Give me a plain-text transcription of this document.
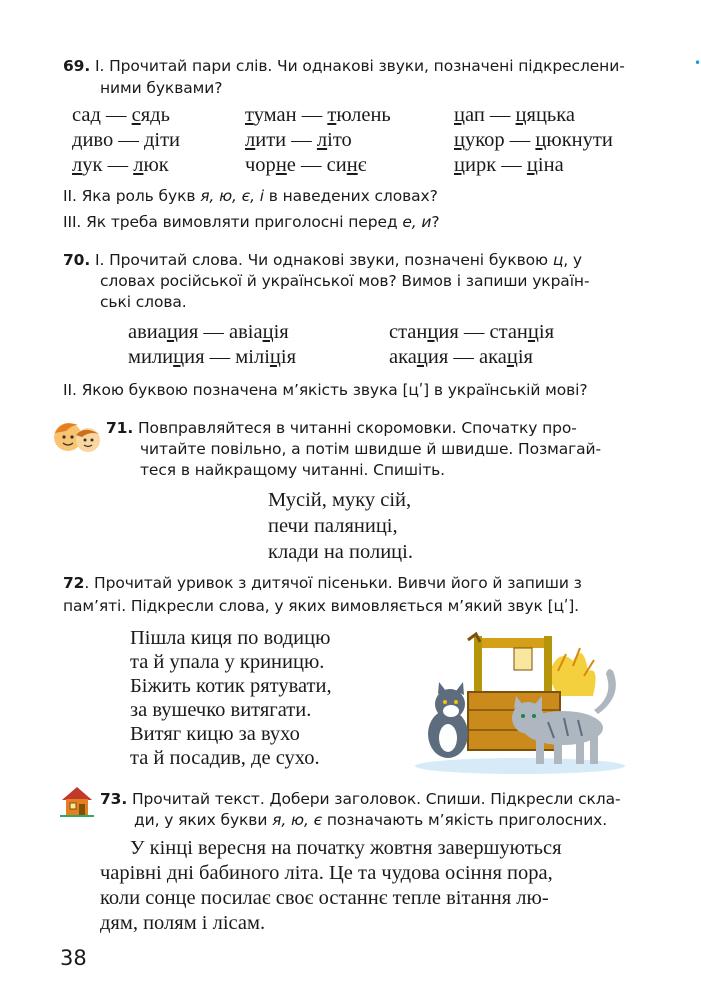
69. І. Прочитай пари слів. Чи однакові звуки, позначені підкреслени-
ними буквами?
сад — сядь
диво — діти
лук — люк
туман — тюлень
лити — літо
чорне — синє
цап — цяцька
цукор — цюкнути
цирк — ціна
ІІ. Яка роль букв я, ю, є, і в наведених словах?
ІІІ. Як треба вимовляти приголосні перед е, и?
70. І. Прочитай слова. Чи однакові звуки, позначені буквою ц, у
словах російської й української мов? Вимов і запиши україн-
ські слова.
авиация — авіація
милиция — міліція
станция — станція
акация — акація
ІІ. Якою буквою позначена м’якість звука [цʹ] в українській мові?
71. Повправляйтеся в читанні скоромовки. Спочатку про-
читайте повільно, а потім швидше й швидше. Позмагай-
теся в найкращому читанні. Спишіть.
Мусій, муку сій,
печи паляниці,
клади на полиці.
72. Прочитай уривок з дитячої пісеньки. Вивчи його й запиши з
пам’яті. Підкресли слова, у яких вимовляється м’який звук [цʹ].
Пішла киця по водицю
та й упала у криницю.
Біжить котик рятувати,
за вушечко витягати.
Витяг кицю за вухо
та й посадив, де сухо.
73. Прочитай текст. Добери заголовок. Спиши. Підкресли скла-
ди, у яких букви я, ю, є позначають м’якість приголосних.
У кінці вересня на початку жовтня завершуються
чарівні дні бабиного літа. Це та чудова осіння пора,
коли сонце посилає своє останнє тепле вітання лю-
дям, полям і лісам.
38
•
